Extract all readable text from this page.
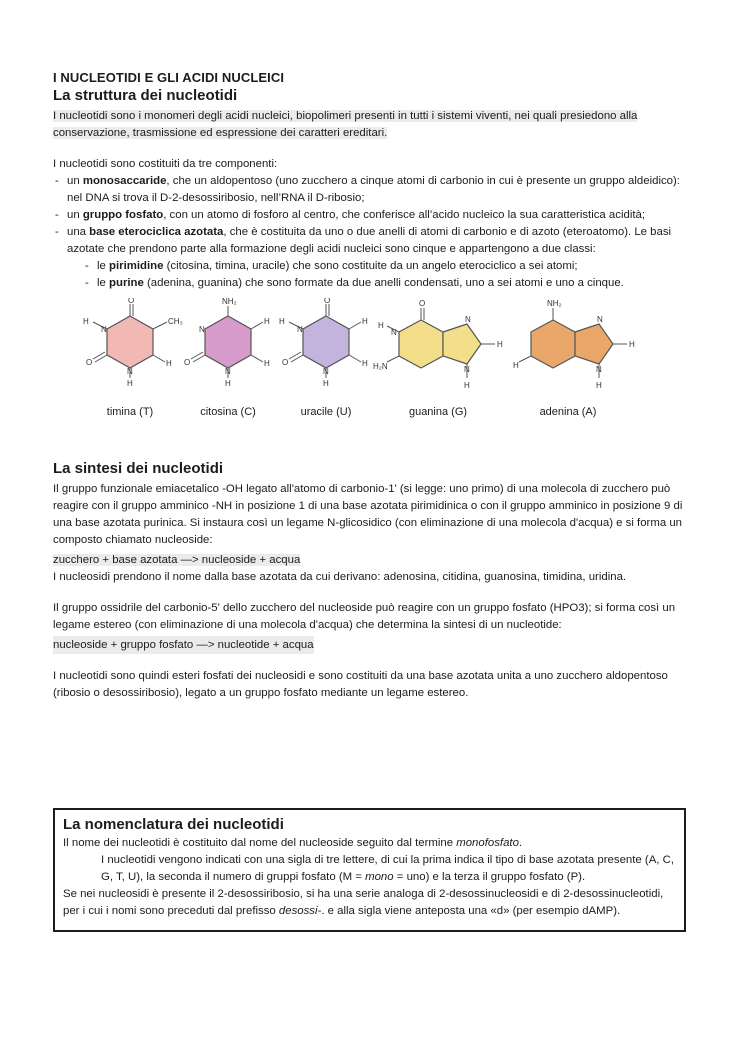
I NUCLEOTIDI E GLI ACIDI NUCLEICI
La struttura dei nucleotidi

I nucleotidi sono i monomeri degli acidi nucleici, biopolimeri presenti in tutti i sistemi viventi, nei quali presiedono alla conservazione, trasmissione ed espressione dei caratteri ereditari.

I nucleotidi sono costituiti da tre componenti:

- un monosaccaride, che un aldopentoso (uno zucchero a cinque atomi di carbonio in cui è presente un gruppo aldeidico): nel DNA si trova il D-2-desossiribosio, nell’RNA il D-ribosio;
- un gruppo fosfato, con un atomo di fosforo al centro, che conferisce all’acido nucleico la sua caratteristica acidità;
- una base eterociclica azotata, che è costituita da uno o due anelli di atomi di carbonio e di azoto (eteroatomo). Le basi azotate che prendono parte alla formazione degli acidi nucleici sono cinque e appartengono a due classi:
- le pirimidine (citosina, timina, uracile) che sono costituite da un angelo eterociclico a sei atomi;
- le purine (adenina, guanina) che sono formate da due anelli condensati, uno a sei atomi e uno a cinque.
O
CH₃
O
N
H
N
H
H
timina (T)
NH₂
H
O
N
H
N
H
citosina (C)
O
H
O
N
H
N
H
H
uracile (U)
O
N
H
H₂N
N
H
N
H
guanina (G)
NH₂
H
N
H
N
H
adenina (A)
La sintesi dei nucleotidi

Il gruppo funzionale emiacetalico -OH legato all'atomo di carbonio-1' (si legge: uno primo) di una molecola di zucchero può reagire con il gruppo amminico -NH in posizione 1 di una base azotata pirimidinica o con il gruppo amminico in posizione 9 di una base azotata purinica. Si instaura così un legame N-glicosidico (con eliminazione di una molecola d'acqua) e si forma un composto chiamato nucleoside:

zucchero + base azotata —> nucleoside + acqua

I nucleosidi prendono il nome dalla base azotata da cui derivano: adenosina, citidina, guanosina, timidina, uridina.

Il gruppo ossidrile del carbonio-5' dello zucchero del nucleoside può reagire con un gruppo fosfato (HPO3); si forma così un legame estereo (con eliminazione di una molecola d'acqua) che determina la sintesi di un nucleotide:

nucleoside + gruppo fosfato —> nucleotide + acqua

I nucleotidi sono quindi esteri fosfati dei nucleosidi e sono costituiti da una base azotata unita a uno zucchero aldopentoso (ribosio o desossiribosio), legato a un gruppo fosfato mediante un legame estereo.

La nomenclatura dei nucleotidi

Il nome dei nucleotidi è costituito dal nome del nucleoside seguito dal termine monofosfato.

I nucleotidi vengono indicati con una sigla di tre lettere, di cui la prima indica il tipo di base azotata presente (A, C, G, T, U), la seconda il numero di gruppi fosfato (M = mono = uno) e la terza il gruppo fosfato (P).

Se nei nucleosidi è presente il 2-desossiribosio, si ha una serie analoga di 2-desossinucleosidi e di 2-desossinucleotidi, per i cui i nomi sono preceduti dal prefisso desossi-. e alla sigla viene anteposta una «d» (per esempio dAMP).
